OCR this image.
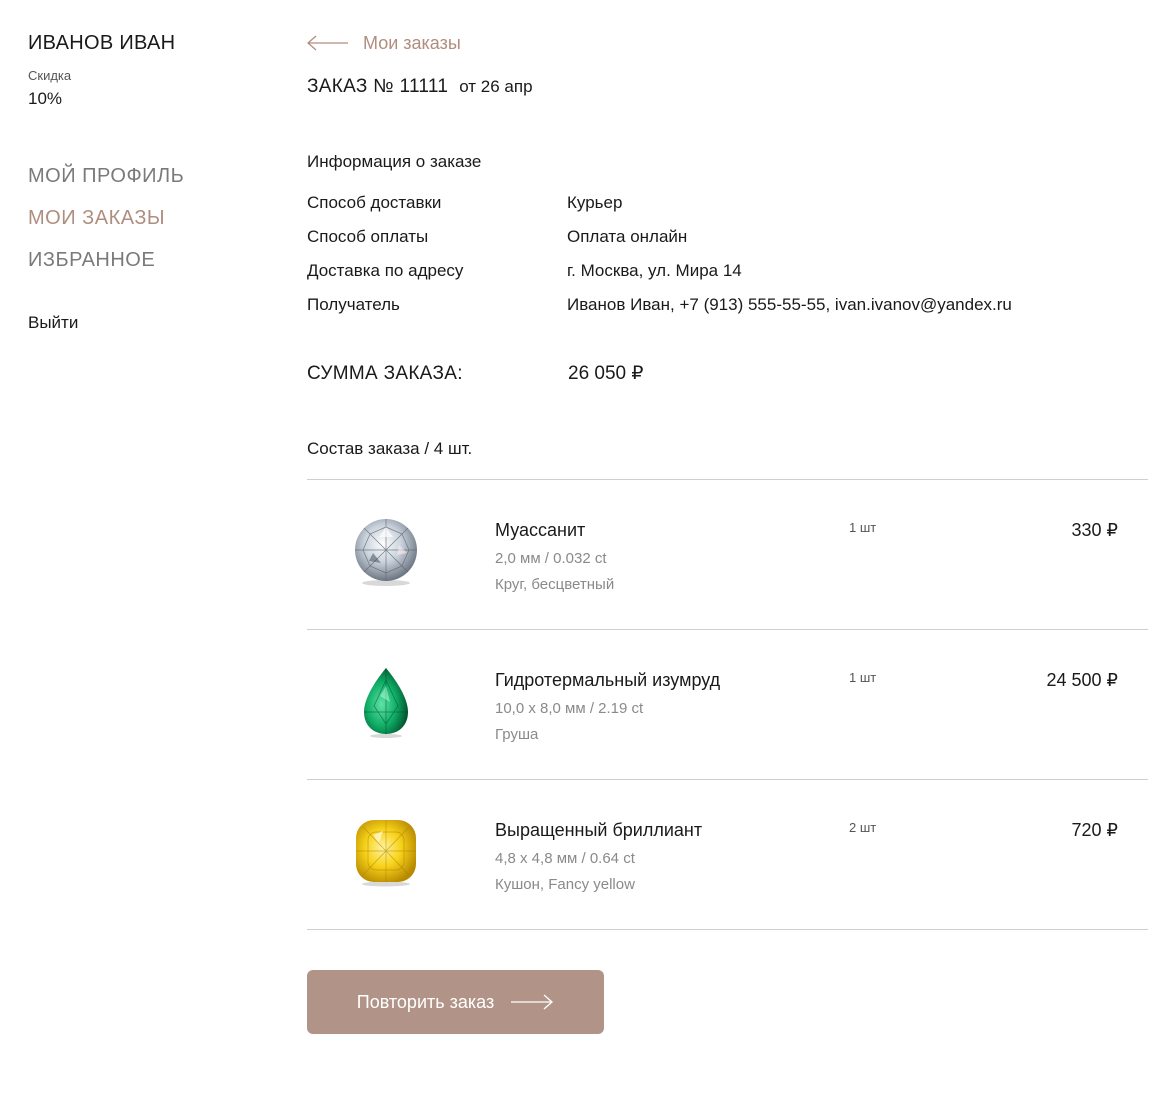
ИВАНОВ ИВАН
Скидка
10%
МОЙ ПРОФИЛЬ
МОИ ЗАКАЗЫ
ИЗБРАННОЕ
Выйти
Мои заказы
ЗАКАЗ № 11111 от 26 апр
Информация о заказе
Способ доставки	Курьер
Способ оплаты	Оплата онлайн
Доставка по адресу	г. Москва, ул. Мира 14
Получатель	Иванов Иван, +7 (913) 555-55-55, ivan.ivanov@yandex.ru
СУММА ЗАКАЗА:	26 050 ₽
Состав заказа / 4 шт.
Муассанит
2,0 мм / 0.032 ct
Круг, бесцветный
1 шт	330 ₽
Гидротермальный изумруд
10,0 x 8,0 мм / 2.19 ct
Груша
1 шт	24 500 ₽
Выращенный бриллиант
4,8 x 4,8 мм / 0.64 ct
Кушон, Fancy yellow
2 шт	720 ₽
Повторить заказ
